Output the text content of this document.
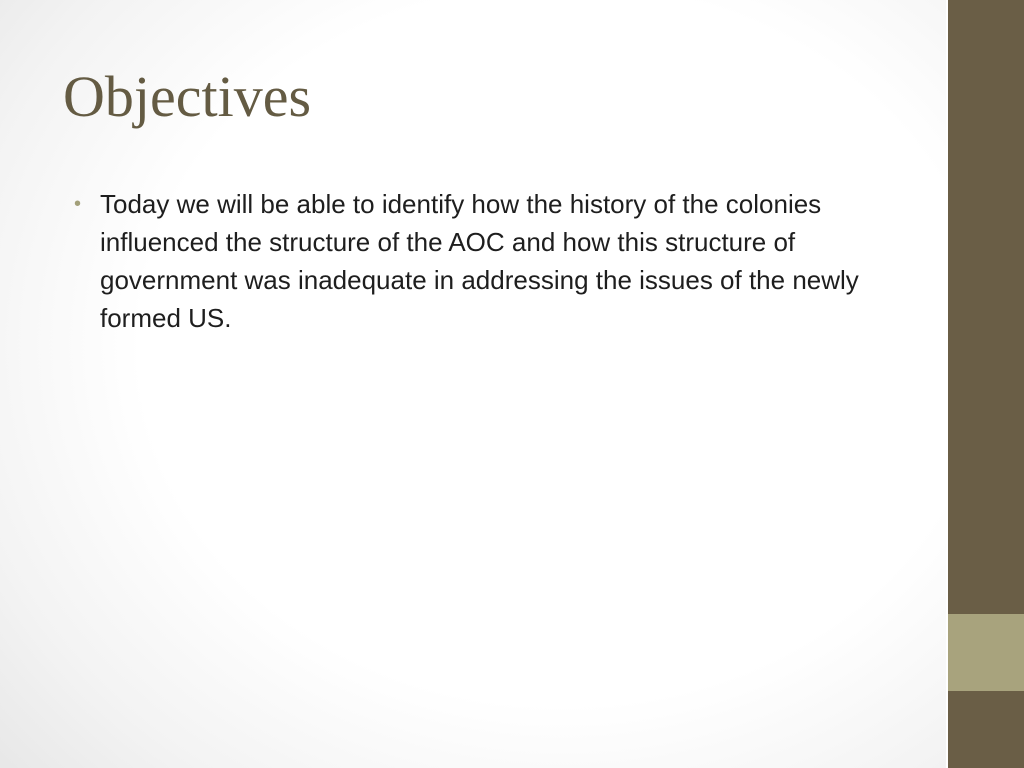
Objectives
• Today we will be able to identify how the history of the colonies influenced the structure of the AOC and how this structure of government was inadequate in addressing the issues of the newly formed US.
